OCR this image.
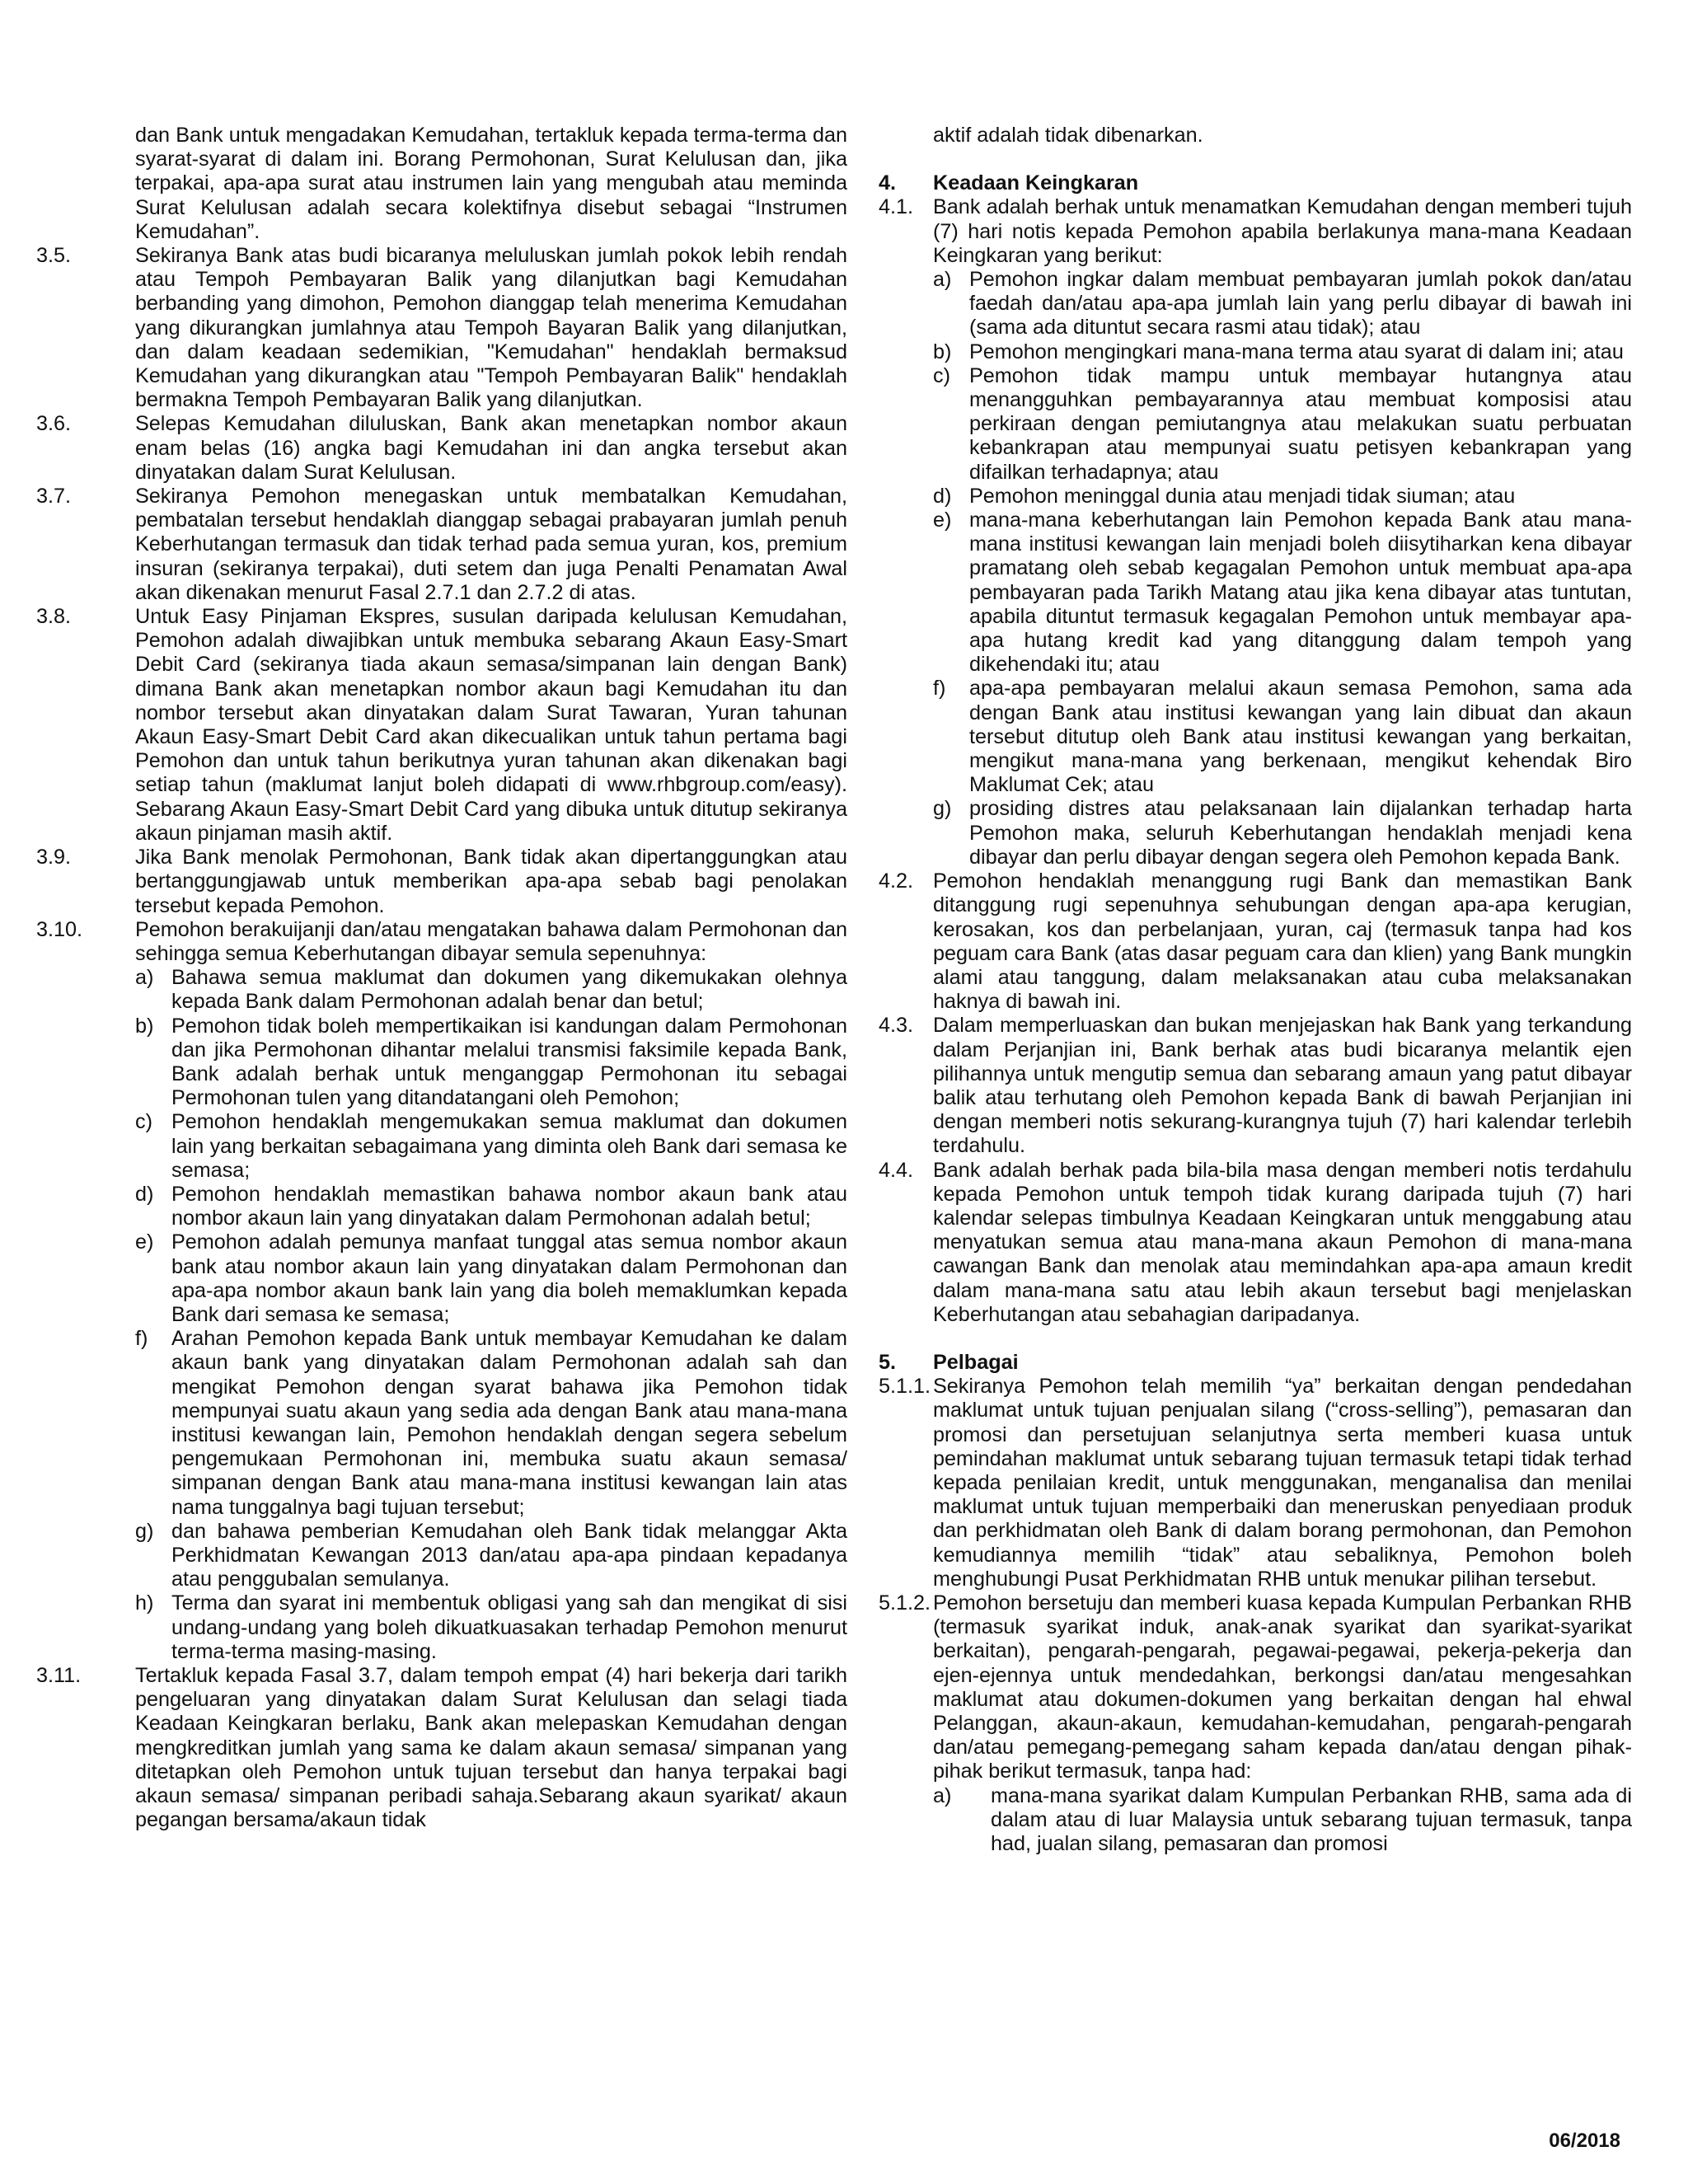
dan Bank untuk mengadakan Kemudahan, tertakluk kepada terma-terma dan syarat-syarat di dalam ini. Borang Permohonan, Surat Kelulusan dan, jika terpakai, apa-apa surat atau instrumen lain yang mengubah atau meminda Surat Kelulusan adalah secara kolektifnya disebut sebagai “Instrumen Kemudahan”.

3.5.	Sekiranya Bank atas budi bicaranya meluluskan jumlah pokok lebih rendah atau Tempoh Pembayaran Balik yang dilanjutkan bagi Kemudahan berbanding yang dimohon, Pemohon dianggap telah menerima Kemudahan yang dikurangkan jumlahnya atau Tempoh Bayaran Balik yang dilanjutkan, dan dalam keadaan sedemikian, "Kemudahan" hendaklah bermaksud Kemudahan yang dikurangkan atau "Tempoh Pembayaran Balik" hendaklah bermakna Tempoh Pembayaran Balik yang dilanjutkan.
3.6.	Selepas Kemudahan diluluskan, Bank akan menetapkan nombor akaun enam belas (16) angka bagi Kemudahan ini dan angka tersebut akan dinyatakan dalam Surat Kelulusan.
3.7.	Sekiranya Pemohon menegaskan untuk membatalkan Kemudahan, pembatalan tersebut hendaklah dianggap sebagai prabayaran jumlah penuh Keberhutangan termasuk dan tidak terhad pada semua yuran, kos, premium insuran (sekiranya terpakai), duti setem dan juga Penalti Penamatan Awal akan dikenakan menurut Fasal 2.7.1 dan 2.7.2 di atas.
3.8.	Untuk Easy Pinjaman Ekspres, susulan daripada kelulusan Kemudahan, Pemohon adalah diwajibkan untuk membuka sebarang Akaun Easy-Smart Debit Card (sekiranya tiada akaun semasa/simpanan lain dengan Bank) dimana Bank akan menetapkan nombor akaun bagi Kemudahan itu dan nombor tersebut akan dinyatakan dalam Surat Tawaran, Yuran tahunan Akaun Easy-Smart Debit Card akan dikecualikan untuk tahun pertama bagi Pemohon dan untuk tahun berikutnya yuran tahunan akan dikenakan bagi setiap tahun (maklumat lanjut boleh didapati di www.rhbgroup.com/easy). Sebarang Akaun Easy-Smart Debit Card yang dibuka untuk ditutup sekiranya akaun pinjaman masih aktif.
3.9.	Jika Bank menolak Permohonan, Bank tidak akan dipertanggungkan atau bertanggungjawab untuk memberikan apa-apa sebab bagi penolakan tersebut kepada Pemohon.
3.10.	Pemohon berakuijanji dan/atau mengatakan bahawa dalam Permohonan dan sehingga semua Keberhutangan dibayar semula sepenuhnya:
a) Bahawa semua maklumat dan dokumen yang dikemukakan olehnya kepada Bank dalam Permohonan adalah benar dan betul;
b) Pemohon tidak boleh mempertikaikan isi kandungan dalam Permohonan dan jika Permohonan dihantar melalui transmisi faksimile kepada Bank, Bank adalah berhak untuk menganggap Permohonan itu sebagai Permohonan tulen yang ditandatangani oleh Pemohon;
c) Pemohon hendaklah mengemukakan semua maklumat dan dokumen lain yang berkaitan sebagaimana yang diminta oleh Bank dari semasa ke semasa;
d) Pemohon hendaklah memastikan bahawa nombor akaun bank atau nombor akaun lain yang dinyatakan dalam Permohonan adalah betul;
e) Pemohon adalah pemunya manfaat tunggal atas semua nombor akaun bank atau nombor akaun lain yang dinyatakan dalam Permohonan dan apa-apa nombor akaun bank lain yang dia boleh memaklumkan kepada Bank dari semasa ke semasa;
f)	Arahan Pemohon kepada Bank untuk membayar Kemudahan ke dalam akaun bank yang dinyatakan dalam Permohonan adalah sah dan mengikat Pemohon dengan syarat bahawa jika Pemohon tidak mempunyai suatu akaun yang sedia ada dengan Bank atau mana-mana institusi kewangan lain, Pemohon hendaklah dengan segera sebelum pengemukaan Permohonan ini, membuka suatu akaun semasa/ simpanan dengan Bank atau mana-mana institusi kewangan lain atas nama tunggalnya bagi tujuan tersebut;
g) dan bahawa pemberian Kemudahan oleh Bank tidak melanggar Akta Perkhidmatan Kewangan 2013 dan/atau apa-apa pindaan kepadanya atau penggubalan semulanya.
h) Terma dan syarat ini membentuk obligasi yang sah dan mengikat di sisi undang-undang yang boleh dikuatkuasakan terhadap Pemohon menurut terma-terma masing-masing.
3.11.	Tertakluk kepada Fasal 3.7, dalam tempoh empat (4) hari bekerja dari tarikh pengeluaran yang dinyatakan dalam Surat Kelulusan dan selagi tiada Keadaan Keingkaran berlaku, Bank akan melepaskan Kemudahan dengan mengkreditkan jumlah yang sama ke dalam akaun semasa/ simpanan yang ditetapkan oleh Pemohon untuk tujuan tersebut dan hanya terpakai bagi akaun semasa/ simpanan peribadi sahaja.Sebarang akaun syarikat/ akaun pegangan bersama/akaun tidak

aktif adalah tidak dibenarkan.

4.	Keadaan Keingkaran
4.1. Bank adalah berhak untuk menamatkan Kemudahan dengan memberi tujuh (7) hari notis kepada Pemohon apabila berlakunya mana-mana Keadaan Keingkaran yang berikut:
a) Pemohon ingkar dalam membuat pembayaran jumlah pokok dan/atau faedah dan/atau apa-apa jumlah lain yang perlu dibayar di bawah ini (sama ada dituntut secara rasmi atau tidak); atau
b) Pemohon mengingkari mana-mana terma atau syarat di dalam ini; atau
c) Pemohon tidak mampu untuk membayar hutangnya atau menangguhkan pembayarannya atau membuat komposisi atau perkiraan dengan pemiutangnya atau melakukan suatu perbuatan kebankrapan atau mempunyai suatu petisyen kebankrapan yang difailkan terhadapnya; atau
d) Pemohon meninggal dunia atau menjadi tidak siuman; atau
e) mana-mana keberhutangan lain Pemohon kepada Bank atau mana-mana institusi kewangan lain menjadi boleh diisytiharkan kena dibayar pramatang oleh sebab kegagalan Pemohon untuk membuat apa-apa pembayaran pada Tarikh Matang atau jika kena dibayar atas tuntutan, apabila dituntut termasuk kegagalan Pemohon untuk membayar apa-apa hutang kredit kad yang ditanggung dalam tempoh yang dikehendaki itu; atau
f)	apa-apa pembayaran melalui akaun semasa Pemohon, sama ada dengan Bank atau institusi kewangan yang lain dibuat dan akaun tersebut ditutup oleh Bank atau institusi kewangan yang berkaitan, mengikut mana-mana yang berkenaan, mengikut kehendak Biro Maklumat Cek; atau
g) prosiding distres atau pelaksanaan lain dijalankan terhadap harta Pemohon maka, seluruh Keberhutangan hendaklah menjadi kena dibayar dan perlu dibayar dengan segera oleh Pemohon kepada Bank.
4.2. Pemohon hendaklah menanggung rugi Bank dan memastikan Bank ditanggung rugi sepenuhnya sehubungan dengan apa-apa kerugian, kerosakan, kos dan perbelanjaan, yuran, caj (termasuk tanpa had kos peguam cara Bank (atas dasar peguam cara dan klien) yang Bank mungkin alami atau tanggung, dalam melaksanakan atau cuba melaksanakan haknya di bawah ini.
4.3. Dalam memperluaskan dan bukan menjejaskan hak Bank yang terkandung dalam Perjanjian ini, Bank berhak atas budi bicaranya melantik ejen pilihannya untuk mengutip semua dan sebarang amaun yang patut dibayar balik atau terhutang oleh Pemohon kepada Bank di bawah Perjanjian ini dengan memberi notis sekurang-kurangnya tujuh (7) hari kalendar terlebih terdahulu.
4.4. Bank adalah berhak pada bila-bila masa dengan memberi notis terdahulu kepada Pemohon untuk tempoh tidak kurang daripada tujuh (7) hari kalendar selepas timbulnya Keadaan Keingkaran untuk menggabung atau menyatukan semua atau mana-mana akaun Pemohon di mana-mana cawangan Bank dan menolak atau memindahkan apa-apa amaun kredit dalam mana-mana satu atau lebih akaun tersebut bagi menjelaskan Keberhutangan atau sebahagian daripadanya.
5.	Pelbagai
5.1.1. Sekiranya Pemohon telah memilih “ya” berkaitan dengan pendedahan maklumat untuk tujuan penjualan silang (“cross-selling”), pemasaran dan promosi dan persetujuan selanjutnya serta memberi kuasa untuk pemindahan maklumat untuk sebarang tujuan termasuk tetapi tidak terhad kepada penilaian kredit, untuk menggunakan, menganalisa dan menilai maklumat untuk tujuan memperbaiki dan meneruskan penyediaan produk dan perkhidmatan oleh Bank di dalam borang permohonan, dan Pemohon kemudiannya memilih “tidak” atau sebaliknya, Pemohon boleh menghubungi Pusat Perkhidmatan RHB untuk menukar pilihan tersebut.
5.1.2. Pemohon bersetuju dan memberi kuasa kepada Kumpulan Perbankan RHB (termasuk syarikat induk, anak-anak syarikat dan syarikat-syarikat berkaitan), pengarah-pengarah, pegawai-pegawai, pekerja-pekerja dan ejen-ejennya untuk mendedahkan, berkongsi dan/atau mengesahkan maklumat atau dokumen-dokumen yang berkaitan dengan hal ehwal Pelanggan, akaun-akaun, kemudahan-kemudahan, pengarah-pengarah dan/atau pemegang-pemegang saham kepada dan/atau dengan pihak-pihak berikut termasuk, tanpa had:
a)	mana-mana syarikat dalam Kumpulan Perbankan RHB, sama ada di dalam atau di luar Malaysia untuk sebarang tujuan termasuk, tanpa had, jualan silang, pemasaran dan promosi
06/2018
